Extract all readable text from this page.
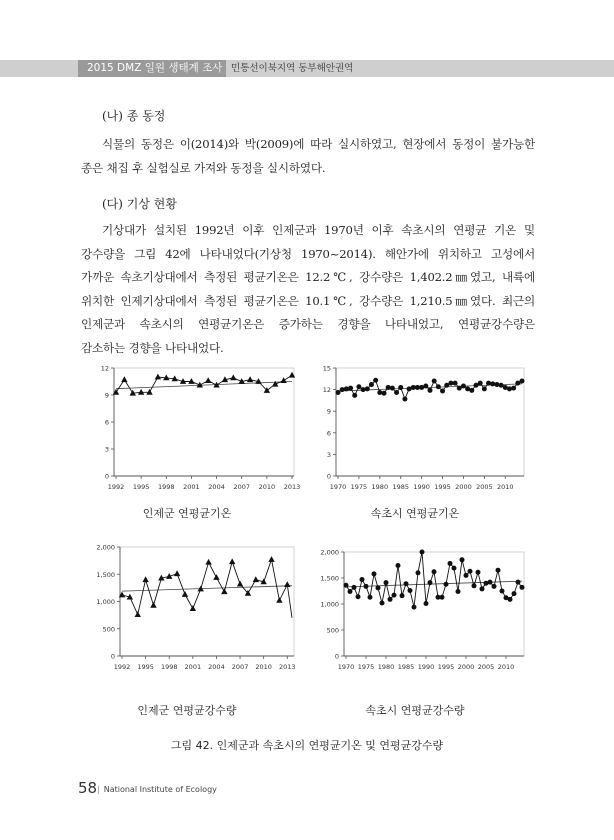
2015 DMZ 일원 생태계 조사 민통선이북지역 동부해안권역
(나) 종 동정
식물의 동정은 이(2014)와 박(2009)에 따라 실시하였고, 현장에서 동정이 불가능한
종은 채집 후 실험실로 가져와 동정을 실시하였다.
(다) 기상 현황
기상대가 설치된 1992년 이후 인제군과 1970년 이후 속초시의 연평균 기온 및
강수량을 그림 42에 나타내었다(기상청 1970~2014). 해안가에 위치하고 고성에서
가까운 속초기상대에서 측정된 평균기온은 12.2℃, 강수량은 1,402.2㎜였고, 내륙에
위치한 인제기상대에서 측정된 평균기온은 10.1℃, 강수량은 1,210.5㎜였다. 최근의
인제군과 속초시의 연평균기온은 증가하는 경향을 나타내었고, 연평균강수량은
감소하는 경향을 나타내었다.
0
3
6
9
12
1992 1995 1998 2001 2004 2007 2010 2013
0
3
6
9
12
15
1970 1975 1980 1985 1990 1995 2000 2005 2010
0
500
1,000
1,500
2,000
1992 1995 1998 2001 2004 2007 2010 2013
0
500
1,000
1,500
2,000
1970 1975 1980 1985 1990 1995 2000 2005 2010
인제군 연평균기온	속초시 연평균기온
인제군 연평균강수량	속초시 연평균강수량
그림 42. 인제군과 속초시의 연평균기온 및 연평균강수량
58 | National Institute of Ecology
